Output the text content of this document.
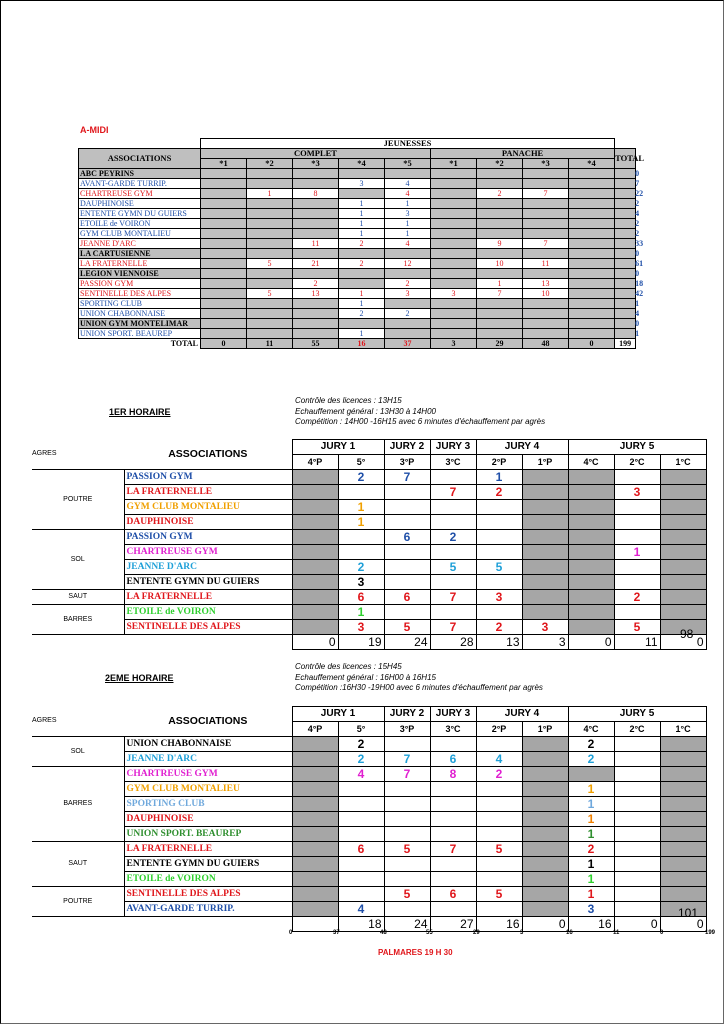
A-MIDI
	JEUNESSES									
ASSOCIATIONS	COMPLET					PANACHE				TOTAL
	*1	*2	*3	*4	*5	*1	*2	*3	*4	
ABC PEYRINS										0
AVANT-GARDE TURRIP.				3	4					7
CHARTREUSE GYM		1	8		4		2	7		22
DAUPHINOISE				1	1					2
ENTENTE GYMN DU GUIERS				1	3					4
ETOILE de VOIRON				1	1					2
GYM CLUB MONTALIEU				1	1					2
JEANNE D'ARC			11	2	4		9	7		33
LA CARTUSIENNE										0
LA FRATERNELLE		5	21	2	12		10	11		61
LEGION VIENNOISE										0
PASSION GYM			2		2		1	13		18
SENTINELLE DES ALPES		5	13	1	3	3	7	10		42
SPORTING CLUB				1						1
UNION CHABONNAISE				2	2					4
UNION GYM MONTELIMAR										0
UNION SPORT. BEAUREP				1						1
TOTAL	0	11	55	16	37	3	29	48	0	199
1ER HORAIRE
Contrôle des licences : 13H15
Echauffement général : 13H30 à 14H00
Compétition : 14H00 -16H15 avec 6 minutes d'échauffement par agrès
AGRES	ASSOCIATIONS	JURY 1		JURY 2	JURY 3	JURY 4		JURY 5		
		4°P	5°	3°P	3°C	2°P	1°P	4°C	2°C	1°C
POUTRE	PASSION GYM		2	7		1				
	LA FRATERNELLE				7	2			3	
	GYM CLUB MONTALIEU		1							
	DAUPHINOISE		1							
SOL	PASSION GYM			6	2					
	CHARTREUSE GYM								1	
	JEANNE D'ARC		2		5	5				
	ENTENTE GYMN DU GUIERS		3							
SAUT	LA FRATERNELLE		6	6	7	3			2	
BARRES	ETOILE de VOIRON		1							
	SENTINELLE DES ALPES		3	5	7	2	3		5	
		0	19	24	28	13	3	0	11	0
98
2EME HORAIRE
Contrôle des licences : 15H45
Echauffement général : 16H00 à 16H15
Compétition :16H30 -19H00 avec 6 minutes d'échauffement par agrès
AGRES	ASSOCIATIONS	JURY 1		JURY 2	JURY 3	JURY 4		JURY 5		
		4°P	5°	3°P	3°C	2°P	1°P	4°C	2°C	1°C
SOL	UNION CHABONNAISE		2					2		
	JEANNE D'ARC		2	7	6	4		2		
BARRES	CHARTREUSE GYM		4	7	8	2				
	GYM CLUB MONTALIEU							1		
	SPORTING CLUB							1		
	DAUPHINOISE							1		
	UNION SPORT. BEAUREP							1		
SAUT	LA FRATERNELLE		6	5	7	5		2		
	ENTENTE GYMN DU GUIERS							1		
	ETOILE de VOIRON							1		
POUTRE	SENTINELLE DES ALPES			5	6	5		1		
	AVANT-GARDE TURRIP.		4					3		
			18	24	27	16	0	16	0	0
101
0	37	48	55	29	3	16	11	0	199
PALMARES 19 H 30
